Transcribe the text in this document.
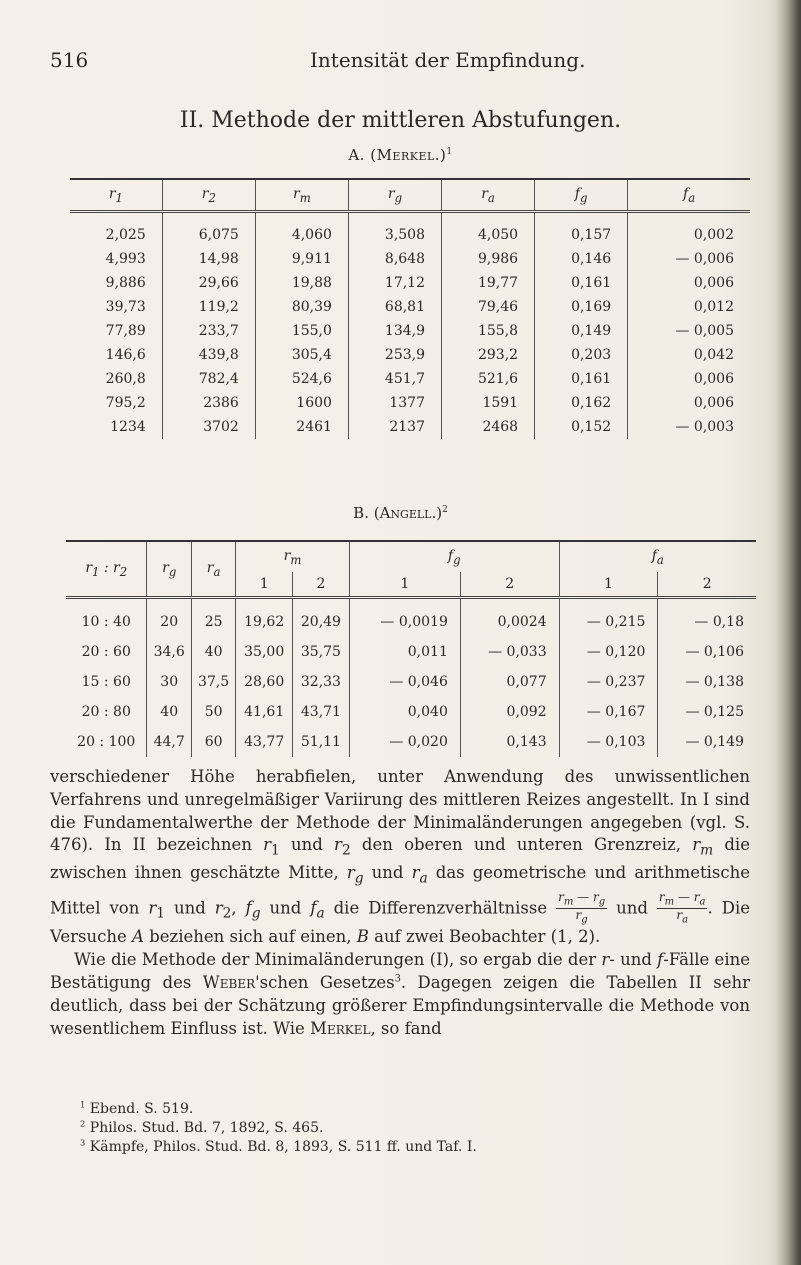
516	Intensität der Empfindung.
II. Methode der mittleren Abstufungen.
A. (Merkel.)$^1$
$r_1$	$r_2$	$r_m$	$r_g$	$r_a$	$f_g$	$f_a$
2,025	6,075	4,060	3,508	4,050	0,157	0,002
4,993	14,98	9,911	8,648	9,986	0,146	— 0,006
9,886	29,66	19,88	17,12	19,77	0,161	0,006
39,73	119,2	80,39	68,81	79,46	0,169	0,012
77,89	233,7	155,0	134,9	155,8	0,149	— 0,005
146,6	439,8	305,4	253,9	293,2	0,203	0,042
260,8	782,4	524,6	451,7	521,6	0,161	0,006
795,2	2386	1600	1377	1591	0,162	0,006
1234	3702	2461	2137	2468	0,152	— 0,003
B. (Angell.)$^2$
$r_1$ : $r_2$	$r_g$	$r_a$	$r_m$		$f_g$		$f_a$
			1	2	1	2	1	2
10 : 40	20	25	19,62	20,49	— 0,0019	0,0024	— 0,215	— 0,18
20 : 60	34,6	40	35,00	35,75	0,011	— 0,033	— 0,120	— 0,106
15 : 60	30	37,5	28,60	32,33	— 0,046	0,077	— 0,237	— 0,138
20 : 80	40	50	41,61	43,71	0,040	0,092	— 0,167	— 0,125
20 : 100	44,7	60	43,77	51,11	— 0,020	0,143	— 0,103	— 0,149

verschiedener Höhe herabfielen, unter Anwendung des unwissentlichen Verfahrens und unregelmäßiger Variirung des mittleren Reizes angestellt. In I sind die Fundamentalwerthe der Methode der Minimaländerungen angegeben (vgl. S. 476). In II bezeichnen $r_1$ und $r_2$ den oberen und unteren Grenzreiz, $r_m$ die zwischen ihnen geschätzte Mitte, $r_g$ und $r_a$ das geometrische und arithmetische Mittel von $r_1$ und $r_2$, $f_g$ und $f_a$ die Differenzverhältnisse $\frac{r_m — r_g}{r_g}$ und $\frac{r_m — r_a}{r_a}$ . Die Versuche A beziehen sich auf einen, B auf zwei Beobachter (1, 2).

Wie die Methode der Minimaländerungen (I), so ergab die der r- und f-Fälle eine Bestätigung des Weber'schen Gesetzes$^3$. Dagegen zeigen die Tabellen II sehr deutlich, dass bei der Schätzung größerer Empfindungsintervalle die Methode von wesentlichem Einfluss ist. Wie Merkel, so fand

$^1$ Ebend. S. 519.
$^2$ Philos. Stud. Bd. 7, 1892, S. 465.
$^3$ Kämpfe, Philos. Stud. Bd. 8, 1893, S. 511 ff. und Taf. I.
